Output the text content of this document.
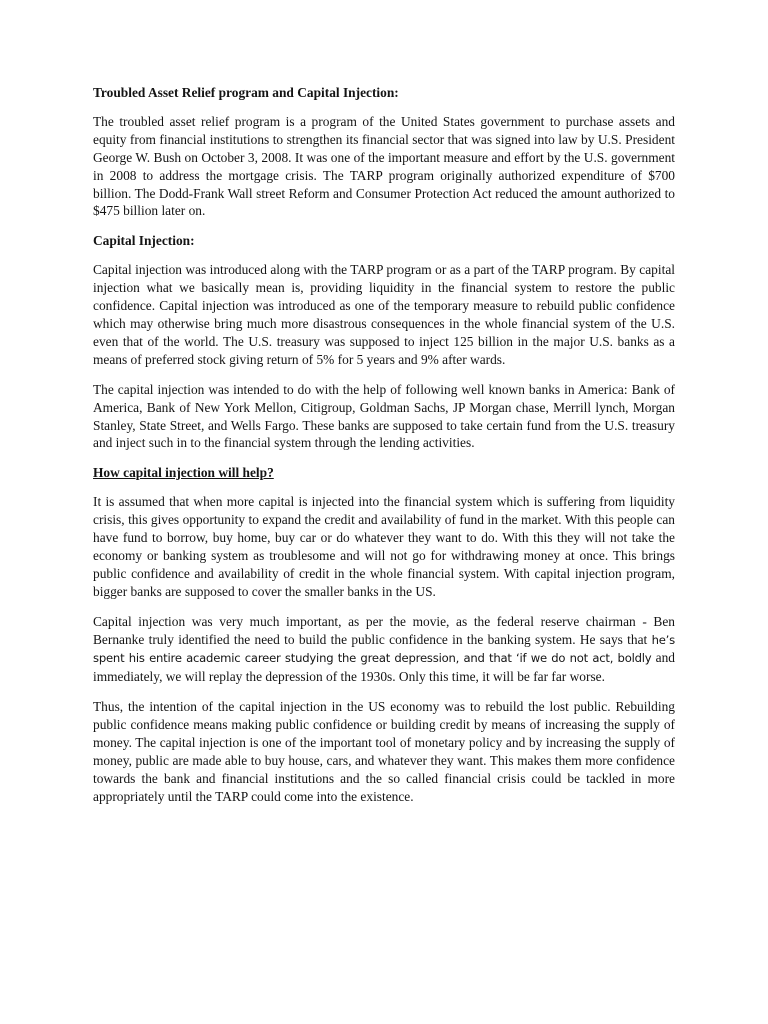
Troubled Asset Relief program and Capital Injection:

The troubled asset relief program is a program of the United States government to purchase assets and equity from financial institutions to strengthen its financial sector that was signed into law by U.S. President George W. Bush on October 3, 2008. It was one of the important measure and effort by the U.S. government in 2008 to address the mortgage crisis. The TARP program originally authorized expenditure of $700 billion. The Dodd-Frank Wall street Reform and Consumer Protection Act reduced the amount authorized to $475 billion later on.

Capital Injection:

Capital injection was introduced along with the TARP program or as a part of the TARP program. By capital injection what we basically mean is, providing liquidity in the financial system to restore the public confidence. Capital injection was introduced as one of the temporary measure to rebuild public confidence which may otherwise bring much more disastrous consequences in the whole financial system of the U.S. even that of the world. The U.S. treasury was supposed to inject 125 billion in the major U.S. banks as a means of preferred stock giving return of 5% for 5 years and 9% after wards.

The capital injection was intended to do with the help of following well known banks in America: Bank of America, Bank of New York Mellon, Citigroup, Goldman Sachs, JP Morgan chase, Merrill lynch, Morgan Stanley, State Street, and Wells Fargo. These banks are supposed to take certain fund from the U.S. treasury and inject such in to the financial system through the lending activities.

How capital injection will help?

It is assumed that when more capital is injected into the financial system which is suffering from liquidity crisis, this gives opportunity to expand the credit and availability of fund in the market. With this people can have fund to borrow, buy home, buy car or do whatever they want to do. With this they will not take the economy or banking system as troublesome and will not go for withdrawing money at once. This brings public confidence and availability of credit in the whole financial system. With capital injection program, bigger banks are supposed to cover the smaller banks in the US.

Capital injection was very much important, as per the movie, as the federal reserve chairman - Ben Bernanke truly identified the need to build the public confidence in the banking system. He says that he’s spent his entire academic career studying the great depression, and that ‘if we do not act, boldly and immediately, we will replay the depression of the 1930s. Only this time, it will be far far worse.

Thus, the intention of the capital injection in the US economy was to rebuild the lost public. Rebuilding public confidence means making public confidence or building credit by means of increasing the supply of money. The capital injection is one of the important tool of monetary policy and by increasing the supply of money, public are made able to buy house, cars, and whatever they want. This makes them more confidence towards the bank and financial institutions and the so called financial crisis could be tackled in more appropriately until the TARP could come into the existence.
